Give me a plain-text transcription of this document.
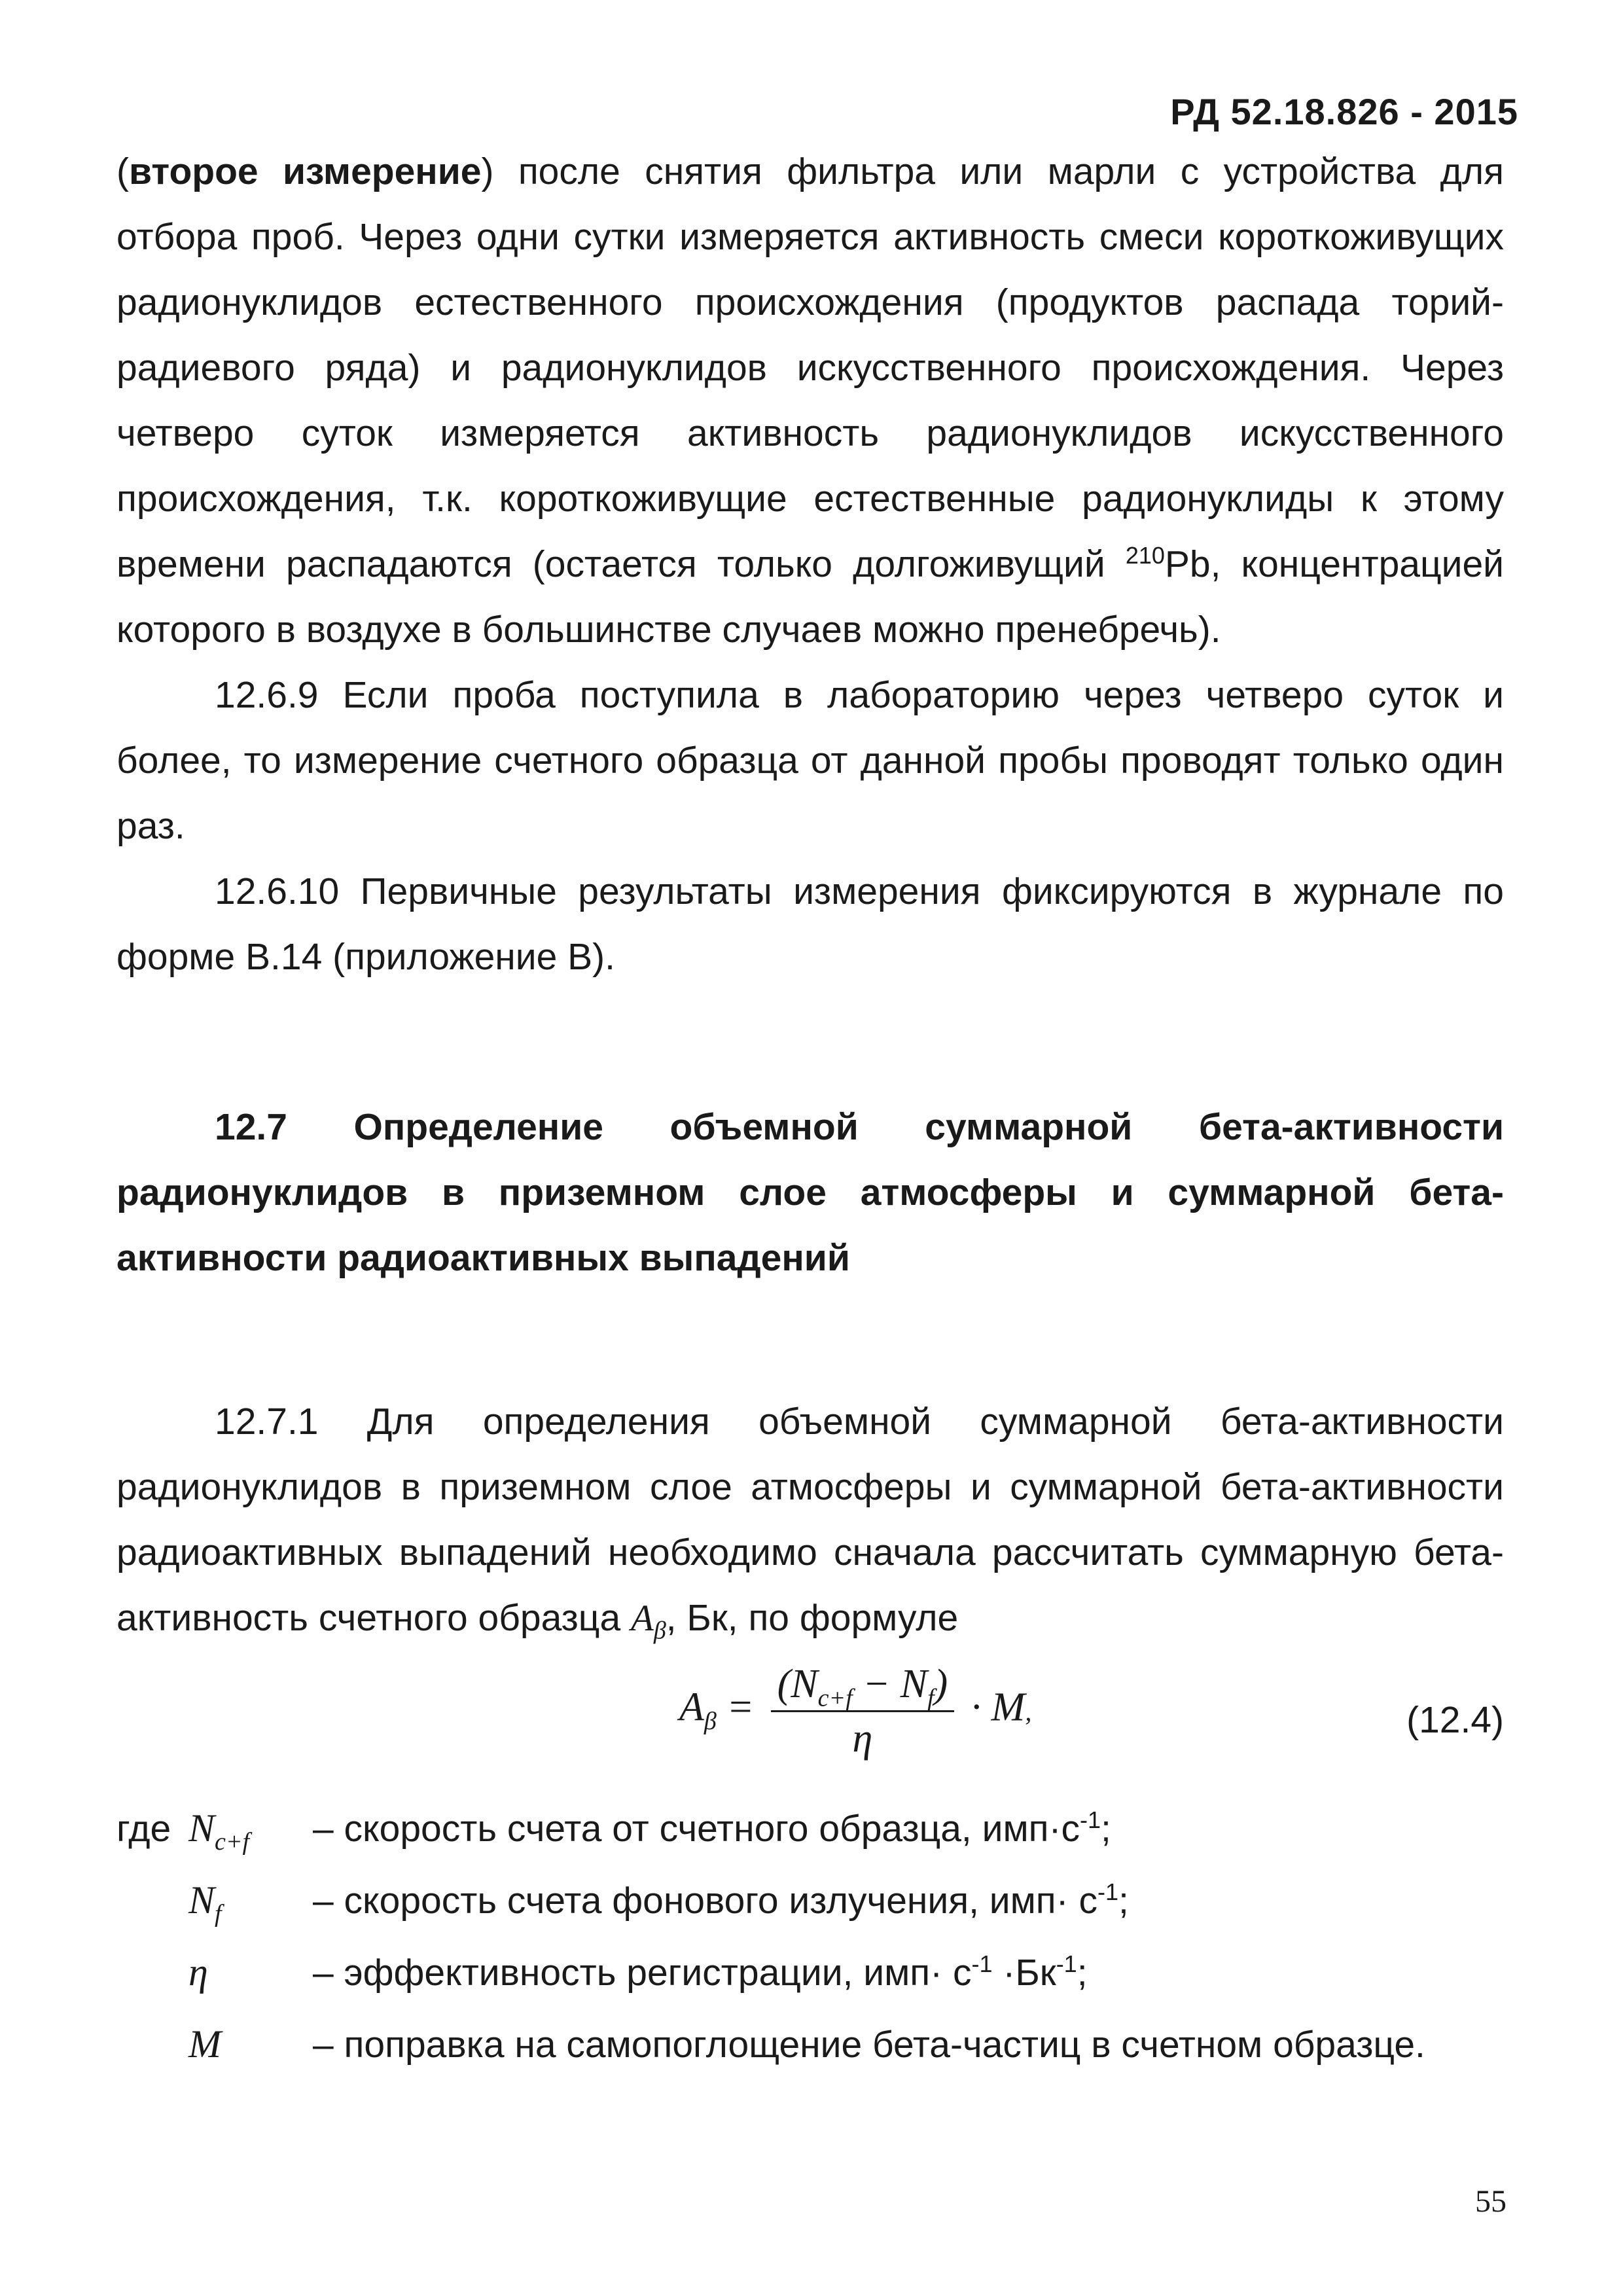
РД 52.18.826 - 2015

(второе измерение) после снятия фильтра или марли с устройства для отбора проб. Через одни сутки измеряется активность смеси короткоживущих радионуклидов естественного происхождения (продуктов распада торий-радиевого ряда) и радионуклидов искусственного происхождения. Через четверо суток измеряется активность радионуклидов искусственного происхождения, т.к. короткоживущие естественные радионуклиды к этому времени распадаются (остается только долгоживущий $^{210}$Pb, концентрацией которого в воздухе в большинстве случаев можно пренебречь).

12.6.9 Если проба поступила в лабораторию через четверо суток и более, то измерение счетного образца от данной пробы проводят только один раз.

12.6.10 Первичные результаты измерения фиксируются в журнале по форме В.14 (приложение В).

12.7 Определение объемной суммарной бета-активности радионуклидов в приземном слое атмосферы и суммарной бета-активности радиоактивных выпадений

12.7.1 Для определения объемной суммарной бета-активности радионуклидов в приземном слое атмосферы и суммарной бета-активности радиоактивных выпадений необходимо сначала рассчитать суммарную бета-активность счетного образца $A_\beta$, Бк, по формуле

$A_\beta = \frac{(N_{c+f} - N_f)}{\eta} \cdot M$,	(12.4)
где $N_{c+f}$	– скорость счета от счетного образца, $имп\cdot с^{-1}$;
$N_f$	– скорость счета фонового излучения, $имп\cdot с^{-1}$;
η	– эффективность регистрации, $имп\cdot с^{-1} \cdot Бк^{-1}$;
M	– поправка на самопоглощение бета-частиц в счетном образце.
55
